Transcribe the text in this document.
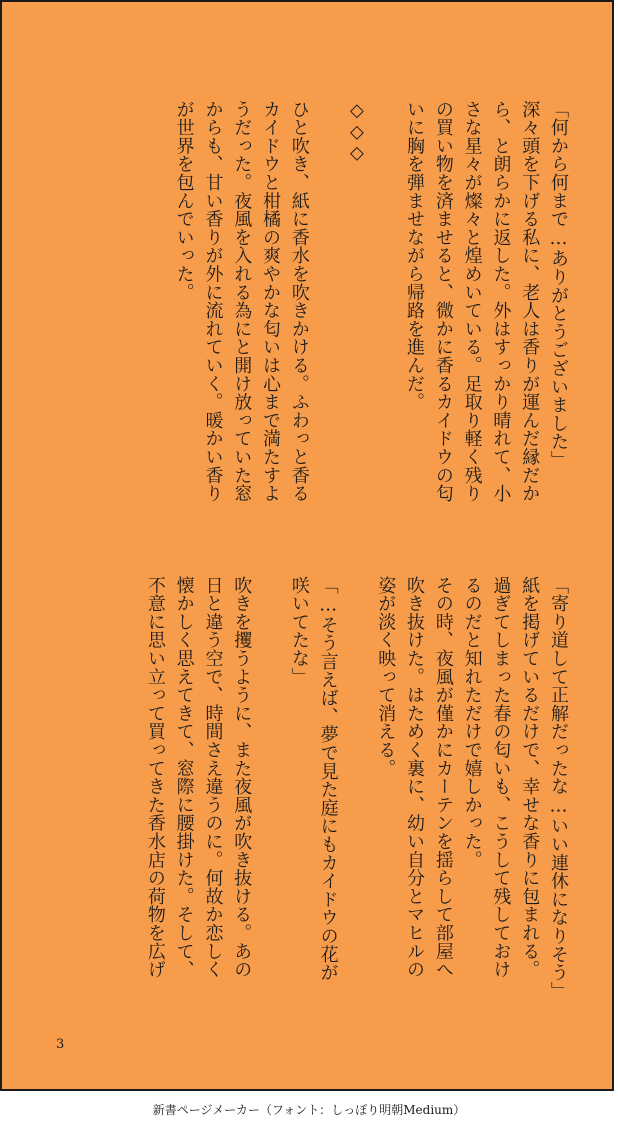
「何から何まで…ありがとうございました」
深々頭を下げる私に、老人は香りが運んだ縁だか
ら、と朗らかに返した。外はすっかり晴れて、小
さな星々が燦々と煌めいている。足取り軽く残り
の買い物を済ませると、微かに香るカイドウの匂
いに胸を弾ませながら帰路を進んだ。
◇◇◇
ひと吹き、紙に香水を吹きかける。ふわっと香る
カイドウと柑橘の爽やかな匂いは心まで満たすよ
うだった。夜風を入れる為にと開け放っていた窓
からも、甘い香りが外に流れていく。暖かい香り
が世界を包んでいった。
「寄り道して正解だったな…いい連休になりそう」
紙を掲げているだけで、幸せな香りに包まれる。
過ぎてしまった春の匂いも、こうして残しておけ
るのだと知れただけで嬉しかった。
その時、夜風が僅かにカーテンを揺らして部屋へ
吹き抜けた。はためく裏に、幼い自分とマヒルの
姿が淡く映って消える。
「…そう言えば、夢で見た庭にもカイドウの花が
咲いてたな」
吹きを攫うように、また夜風が吹き抜ける。あの
日と違う空で、時間さえ違うのに。何故か恋しく
懐かしく思えてきて、窓際に腰掛けた。そして、
不意に思い立って買ってきた香水店の荷物を広げ
3
新書ページメーカー（フォント：しっぽり明朝Medium）
